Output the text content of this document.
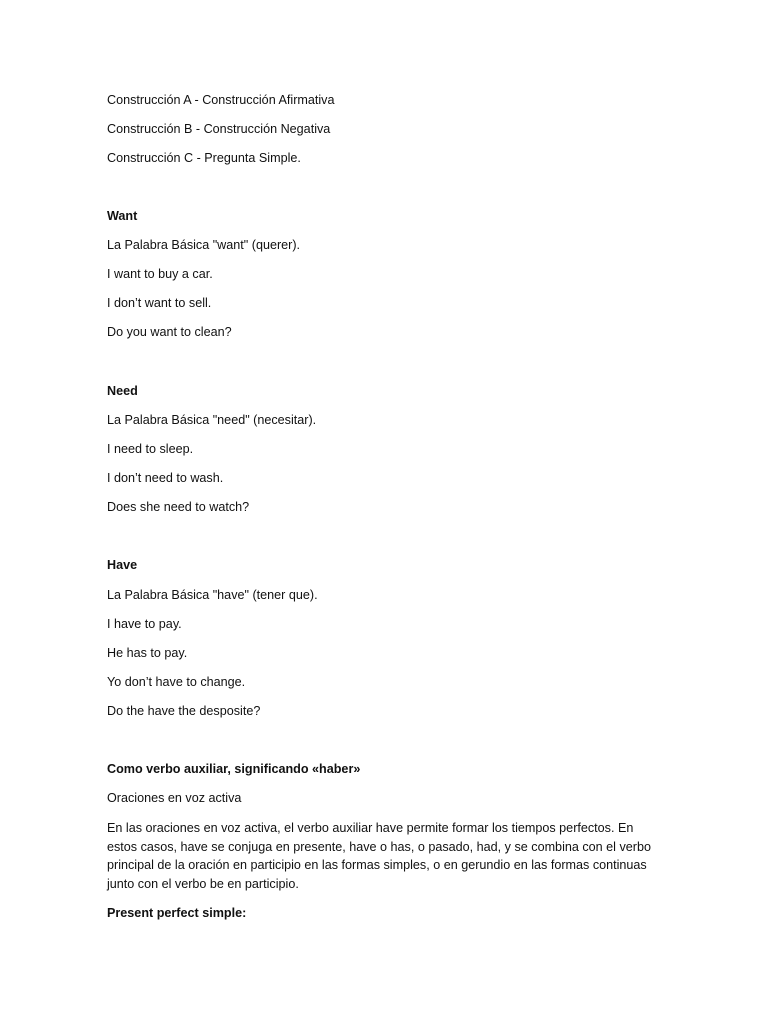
Construcción A - Construcción Afirmativa

Construcción B - Construcción Negativa

Construcción C - Pregunta Simple.

Want

La Palabra Básica "want" (querer).

I want to buy a car.

I don’t want to sell.

Do you want to clean?

Need

La Palabra Básica "need" (necesitar).

I need to sleep.

I don’t need to wash.

Does she need to watch?

Have

La Palabra Básica "have" (tener que).

I have to pay.

He has to pay.

Yo don’t have to change.

Do the have the desposite?

Como verbo auxiliar, significando «haber»

Oraciones en voz activa

En las oraciones en voz activa, el verbo auxiliar have permite formar los tiempos perfectos. En estos casos, have se conjuga en presente, have o has, o pasado, had, y se combina con el verbo principal de la oración en participio en las formas simples, o en gerundio en las formas continuas junto con el verbo be en participio.

Present perfect simple:
